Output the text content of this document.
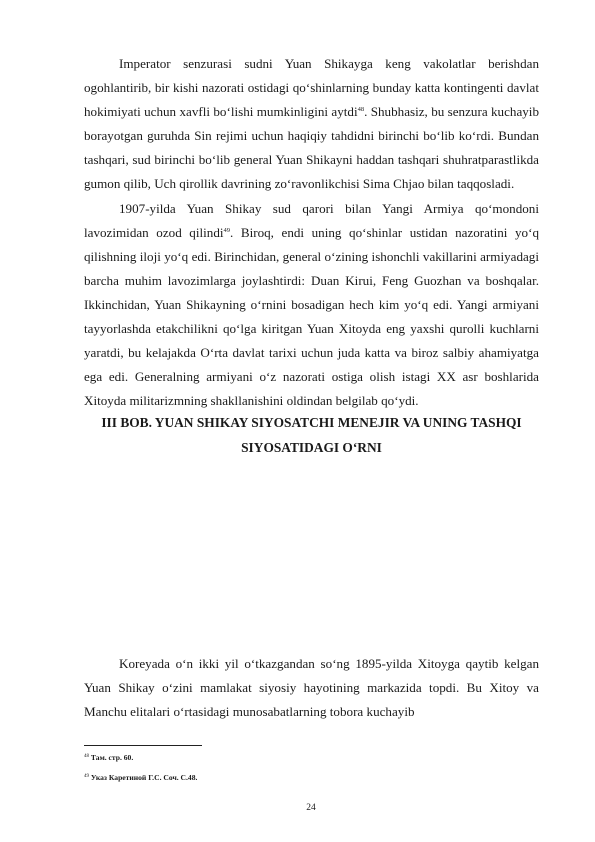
Imperator senzurasi sudni Yuan Shikayga keng vakolatlar berishdan ogohlantirib, bir kishi nazorati ostidagi qoʻshinlarning bunday katta kontingenti davlat hokimiyati uchun xavfli boʻlishi mumkinligini aytdi$^{48}$. Shubhasiz, bu senzura kuchayib borayotgan guruhda Sin rejimi uchun haqiqiy tahdidni birinchi boʻlib koʻrdi. Bundan tashqari, sud birinchi boʻlib general Yuan Shikayni haddan tashqari shuhratparastlikda gumon qilib, Uch qirollik davrining zoʻravonlikchisi Sima Chjao bilan taqqosladi.

1907-yilda Yuan Shikay sud qarori bilan Yangi Armiya qoʻmondoni lavozimidan ozod qilindi$^{49}$. Biroq, endi uning qoʻshinlar ustidan nazoratini yoʻq qilishning iloji yoʻq edi. Birinchidan, general oʻzining ishonchli vakillarini armiyadagi barcha muhim lavozimlarga joylashtirdi: Duan Kirui, Feng Guozhan va boshqalar. Ikkinchidan, Yuan Shikayning oʻrnini bosadigan hech kim yoʻq edi. Yangi armiyani tayyorlashda etakchilikni qoʻlga kiritgan Yuan Xitoyda eng yaxshi qurolli kuchlarni yaratdi, bu kelajakda Oʻrta davlat tarixi uchun juda katta va biroz salbiy ahamiyatga ega edi. Generalning armiyani oʻz nazorati ostiga olish istagi XX asr boshlarida Xitoyda militarizmning shakllanishini oldindan belgilab qoʻydi.

III BOB. YUAN SHIKAY SIYOSATCHI MENEJIR VA UNING TASHQI SIYOSATIDAGI OʻRNI

Koreyada oʻn ikki yil oʻtkazgandan soʻng 1895-yilda Xitoyga qaytib kelgan Yuan Shikay oʻzini mamlakat siyosiy hayotining markazida topdi. Bu Xitoy va Manchu elitalari oʻrtasidagi munosabatlarning tobora kuchayib

$^{48}$ Там. стр. 60.
$^{49}$ Указ Каретиной Г.С. Соч. С.48.
24
